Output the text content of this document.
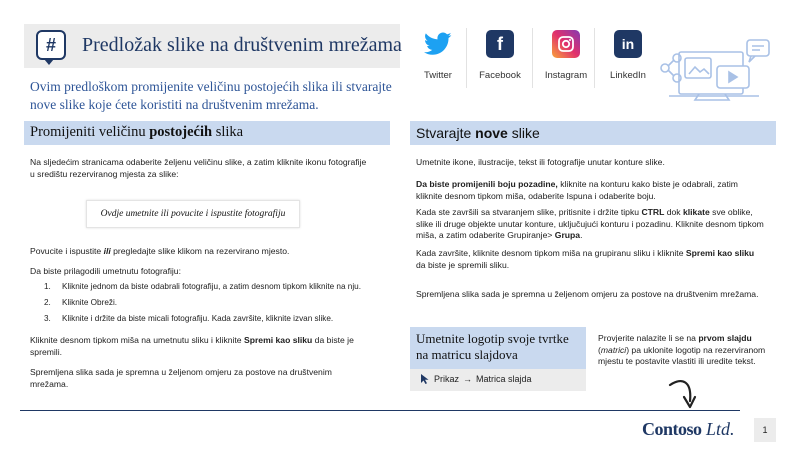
#	Predložak slike na društvenim mrežama
Ovim predloškom promijenite veličinu postojećih slika ili stvarajte nove slike koje ćete koristiti na društvenim mrežama.
Twitter
f
Facebook	Instagram
in
LinkedIn
Promijeniti veličinu postojećih slika
Na sljedećim stranicama odaberite željenu veličinu slike, a zatim kliknite ikonu fotografije u središtu rezerviranog mjesta za slike:
Ovdje umetnite ili povucite i ispustite fotografiju
Povucite i ispustite ili pregledajte slike klikom na rezervirano mjesto.
Da biste prilagodili umetnutu fotografiju:
1.	Kliknite jednom da biste odabrali fotografiju, a zatim desnom tipkom kliknite na nju.
2.	Kliknite Obreži.
3.	Kliknite i držite da biste micali fotografiju. Kada završite, kliknite izvan slike.
Kliknite desnom tipkom miša na umetnutu sliku i kliknite Spremi kao sliku da biste je spremili.
Spremljena slika sada je spremna u željenom omjeru za postove na društvenim mrežama.
Stvarajte nove slike
Umetnite ikone, ilustracije, tekst ili fotografije unutar konture slike.
Da biste promijenili boju pozadine, kliknite na konturu kako biste je odabrali, zatim kliknite desnom tipkom miša, odaberite Ispuna i odaberite boju.
Kada ste završili sa stvaranjem slike, pritisnite i držite tipku CTRL dok klikate sve oblike, slike ili druge objekte unutar konture, uključujući konturu i pozadinu. Kliknite desnom tipkom miša, a zatim odaberite Grupiranje> Grupa.
Kada završite, kliknite desnom tipkom miša na grupiranu sliku i kliknite Spremi kao sliku da biste je spremili sliku.
Spremljena slika sada je spremna u željenom omjeru za postove na društvenim mrežama.
Umetnite logotip svoje tvrtke na matricu slajdova
Prikaz → Matrica slajda
Provjerite nalazite li se na prvom slajdu (matrici) pa uklonite logotip na rezerviranom mjestu te postavite vlastiti ili uredite tekst.
Contoso Ltd.	1
